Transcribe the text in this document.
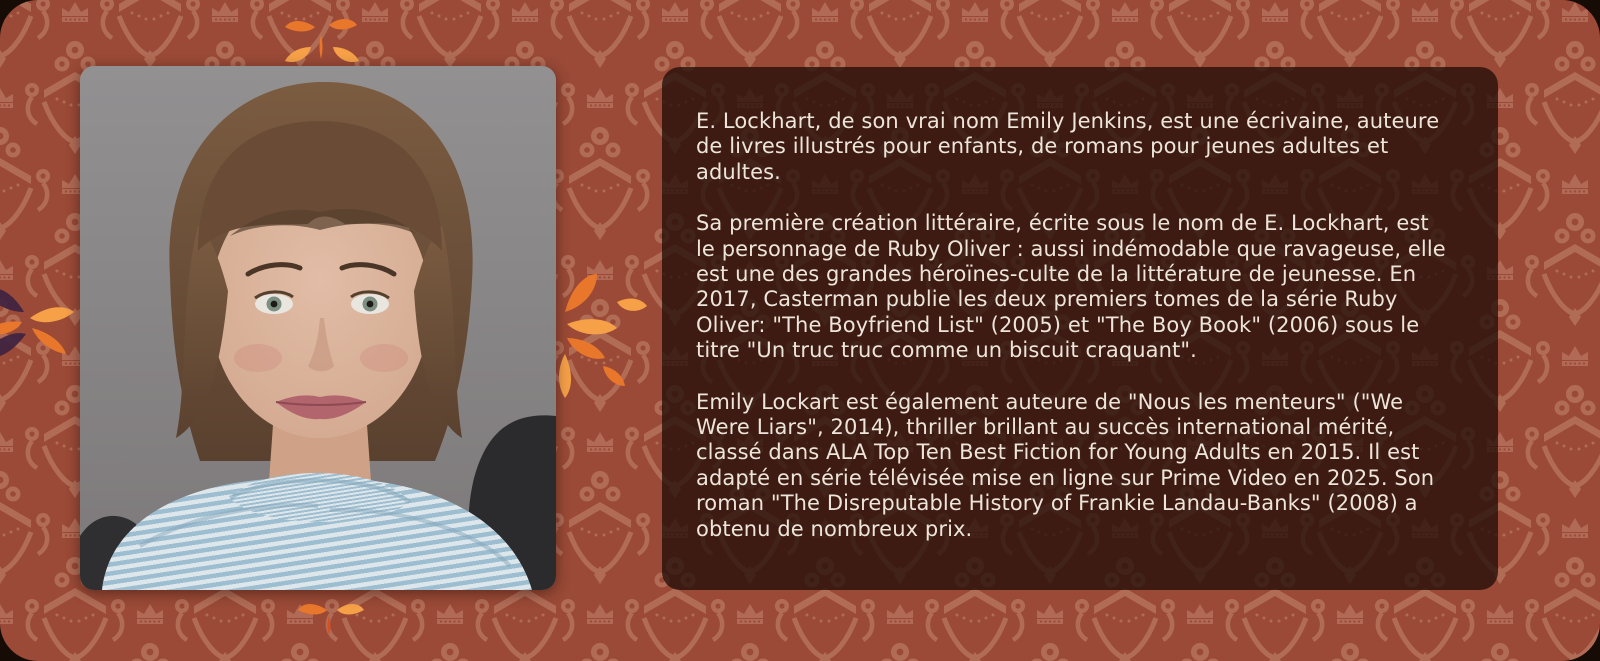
E. Lockhart, de son vrai nom Emily Jenkins, est une écrivaine, auteure de livres illustrés pour enfants, de romans pour jeunes adultes et adultes.

Sa première création littéraire, écrite sous le nom de E. Lockhart, est le personnage de Ruby Oliver : aussi indémodable que ravageuse, elle est une des grandes héroïnes-culte de la littérature de jeunesse. En 2017, Casterman publie les deux premiers tomes de la série Ruby Oliver: "The Boyfriend List" (2005) et "The Boy Book" (2006) sous le titre "Un truc truc comme un biscuit craquant".

Emily Lockart est également auteure de "Nous les menteurs" ("We Were Liars", 2014), thriller brillant au succès international mérité, classé dans ALA Top Ten Best Fiction for Young Adults en 2015. Il est adapté en série télévisée mise en ligne sur Prime Video en 2025. Son roman "The Disreputable History of Frankie Landau-Banks" (2008) a obtenu de nombreux prix.
